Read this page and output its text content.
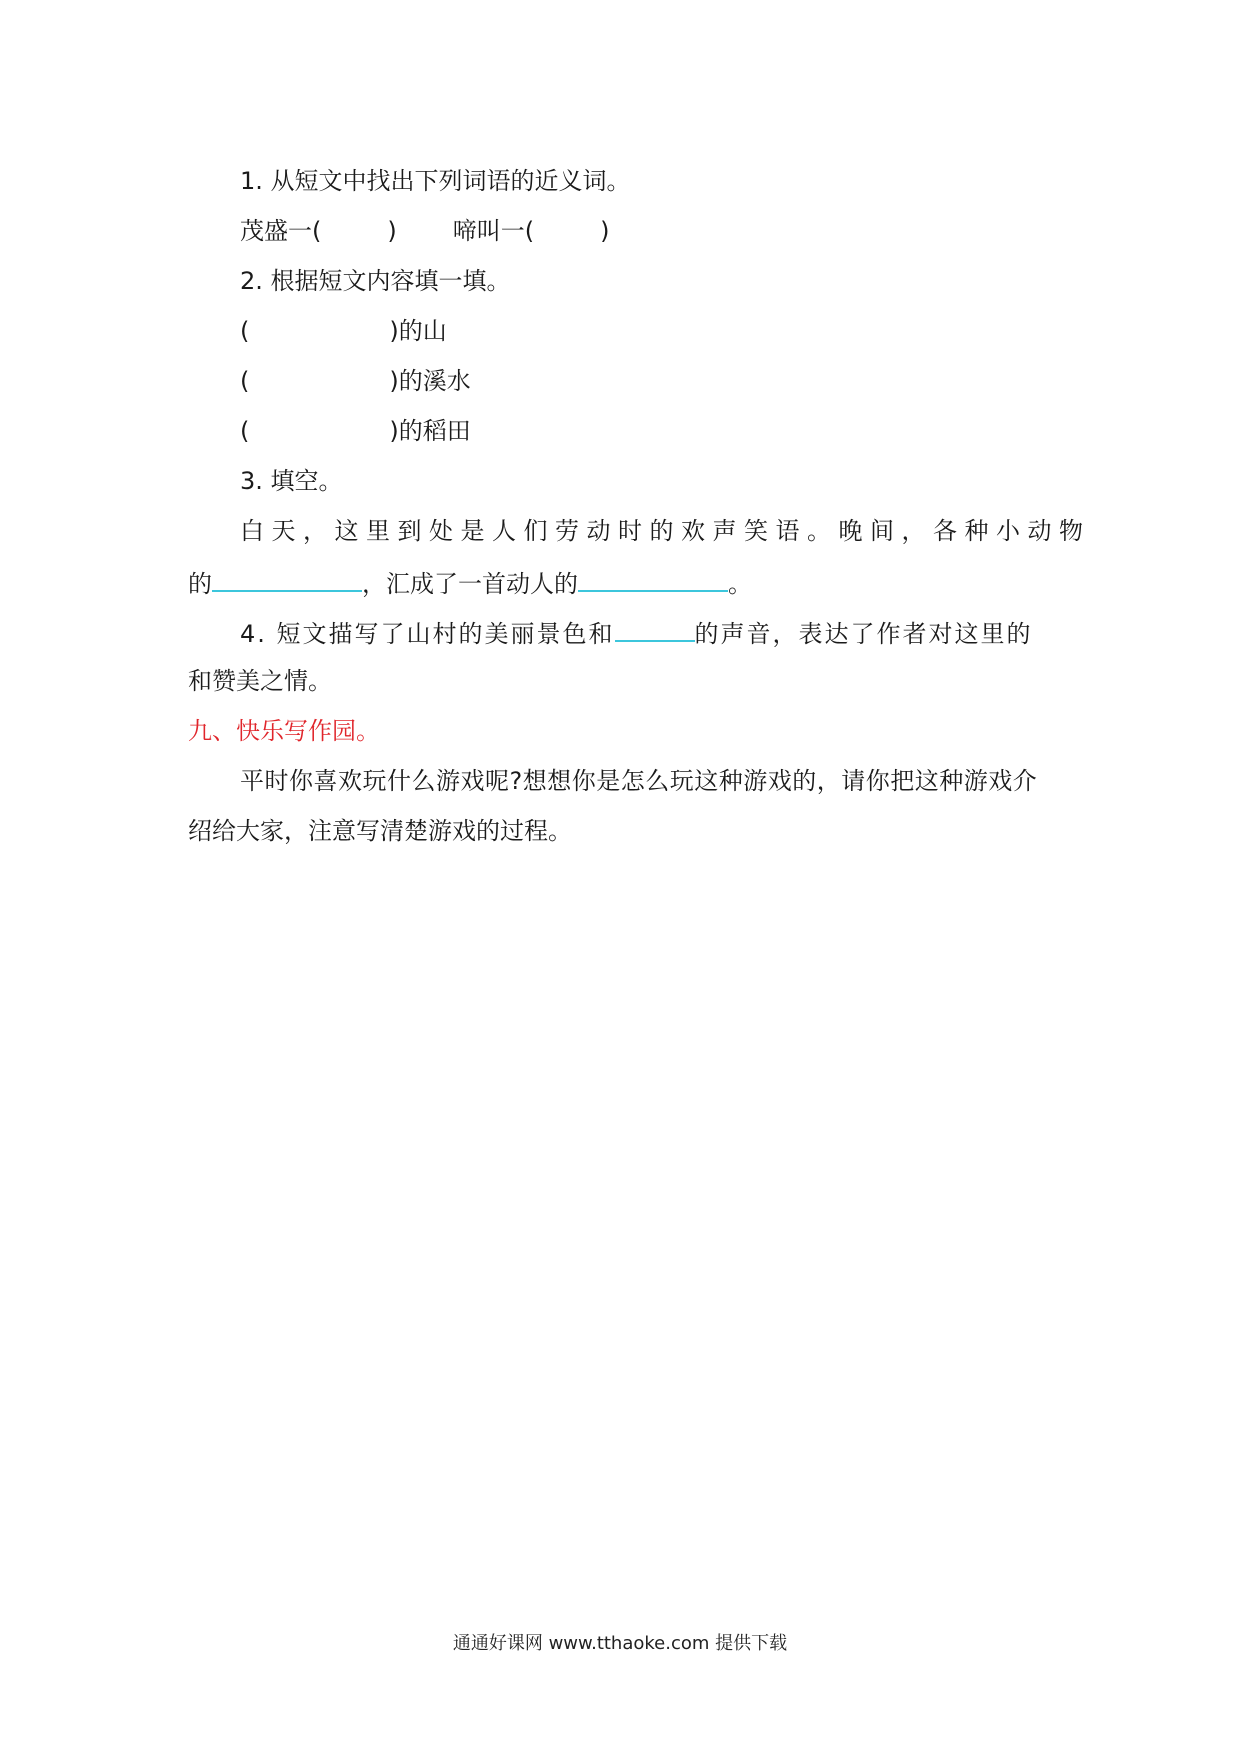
1. 从短文中找出下列词语的近义词。
茂盛一(	) 啼叫一(	)
2. 根据短文内容填一填。
(	)的山
(	)的溪水
(	)的稻田
3. 填空。
白天，这里到处是人们劳动时的欢声笑语。晚间，各种小动物
的	，汇成了一首动人的	。
4. 短文描写了山村的美丽景色和	的声音，表达了作者对这里的
和赞美之情。
九、快乐写作园。
平时你喜欢玩什么游戏呢?想想你是怎么玩这种游戏的，请你把这种游戏介
绍给大家，注意写清楚游戏的过程。
通通好课网 www.tthaoke.com 提供下载
